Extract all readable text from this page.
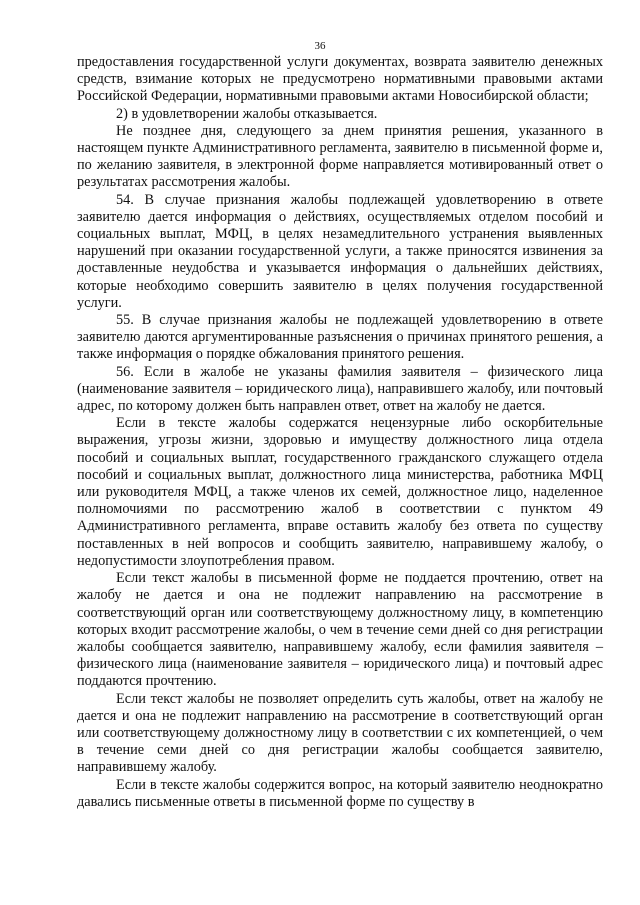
36

предоставления государственной услуги документах, возврата заявителю денежных средств, взимание которых не предусмотрено нормативными правовыми актами Российской Федерации, нормативными правовыми актами Новосибирской области;

2) в удовлетворении жалобы отказывается.

Не позднее дня, следующего за днем принятия решения, указанного в настоящем пункте Административного регламента, заявителю в письменной форме и, по желанию заявителя, в электронной форме направляется мотивированный ответ о результатах рассмотрения жалобы.

54. В случае признания жалобы подлежащей удовлетворению в ответе заявителю дается информация о действиях, осуществляемых отделом пособий и социальных выплат, МФЦ, в целях незамедлительного устранения выявленных нарушений при оказании государственной услуги, а также приносятся извинения за доставленные неудобства и указывается информация о дальнейших действиях, которые необходимо совершить заявителю в целях получения государственной услуги.

55. В случае признания жалобы не подлежащей удовлетворению в ответе заявителю даются аргументированные разъяснения о причинах принятого решения, а также информация о порядке обжалования принятого решения.

56. Если в жалобе не указаны фамилия заявителя – физического лица (наименование заявителя – юридического лица), направившего жалобу, или почтовый адрес, по которому должен быть направлен ответ, ответ на жалобу не дается.

Если в тексте жалобы содержатся нецензурные либо оскорбительные выражения, угрозы жизни, здоровью и имуществу должностного лица отдела пособий и социальных выплат, государственного гражданского служащего отдела пособий и социальных выплат, должностного лица министерства, работника МФЦ или руководителя МФЦ, а также членов их семей, должностное лицо, наделенное полномочиями по рассмотрению жалоб в соответствии с пунктом 49 Административного регламента, вправе оставить жалобу без ответа по существу поставленных в ней вопросов и сообщить заявителю, направившему жалобу, о недопустимости злоупотребления правом.

Если текст жалобы в письменной форме не поддается прочтению, ответ на жалобу не дается и она не подлежит направлению на рассмотрение в соответствующий орган или соответствующему должностному лицу, в компетенцию которых входит рассмотрение жалобы, о чем в течение семи дней со дня регистрации жалобы сообщается заявителю, направившему жалобу, если фамилия заявителя – физического лица (наименование заявителя – юридического лица) и почтовый адрес поддаются прочтению.

Если текст жалобы не позволяет определить суть жалобы, ответ на жалобу не дается и она не подлежит направлению на рассмотрение в соответствующий орган или соответствующему должностному лицу в соответствии с их компетенцией, о чем в течение семи дней со дня регистрации жалобы сообщается заявителю, направившему жалобу.

Если в тексте жалобы содержится вопрос, на который заявителю неоднократно давались письменные ответы в письменной форме по существу в
